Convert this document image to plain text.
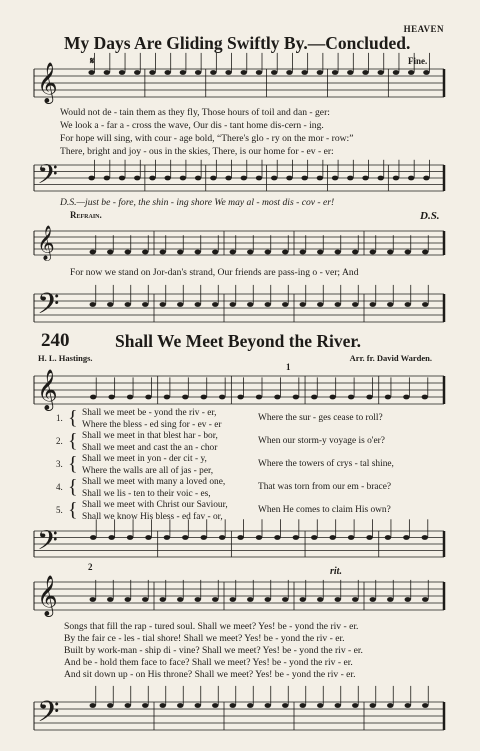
HEAVEN
My Days Are Gliding Swiftly By.—Concluded.
𝄞
𝄋	Fine.
Would not de - tain them as they fly, Those hours of toil and dan - ger:
We look a - far a - cross the wave, Our dis - tant home dis-cern - ing.
For hope will sing, with cour - age bold, “There's glo - ry on the mor - row:”
There, bright and joy - ous in the skies, There, is our home for - ev - er:
𝄢
D.S.—just be - fore, the shin - ing shore We may al - most dis - cov - er!
Refrain.	D.S.
𝄞
For now we stand on Jor-dan's strand, Our friends are pass-ing o - ver; And
𝄢
240	Shall We Meet Beyond the River.
H. L. Hastings.	Arr. fr. David Warden.
1
𝄞
1. { Shall we meet be - yond the riv - er,	Where the sur - ges cease to roll?
Where the bless - ed sing for - ev - er
2. { Shall we meet in that blest har - bor,	When our storm-y voyage is o'er?
Shall we meet and cast the an - chor
3. { Shall we meet in yon - der cit - y,	Where the towers of crys - tal shine,
Where the walls are all of jas - per,
4. { Shall we meet with many a loved one,	That was torn from our em - brace?
Shall we lis - ten to their voic - es,
5. { Shall we meet with Christ our Saviour,	When He comes to claim His own?
Shall we know His bless - ed fav - or,
𝄢
2	rit.
𝄞
Songs that fill the rap - tured soul. Shall we meet? Yes! be - yond the riv - er.
By the fair ce - les - tial shore! Shall we meet? Yes! be - yond the riv - er.
Built by work-man - ship di - vine? Shall we meet? Yes! be - yond the riv - er.
And be - hold them face to face? Shall we meet? Yes! be - yond the riv - er.
And sit down up - on His throne? Shall we meet? Yes! be - yond the riv - er.
𝄢
